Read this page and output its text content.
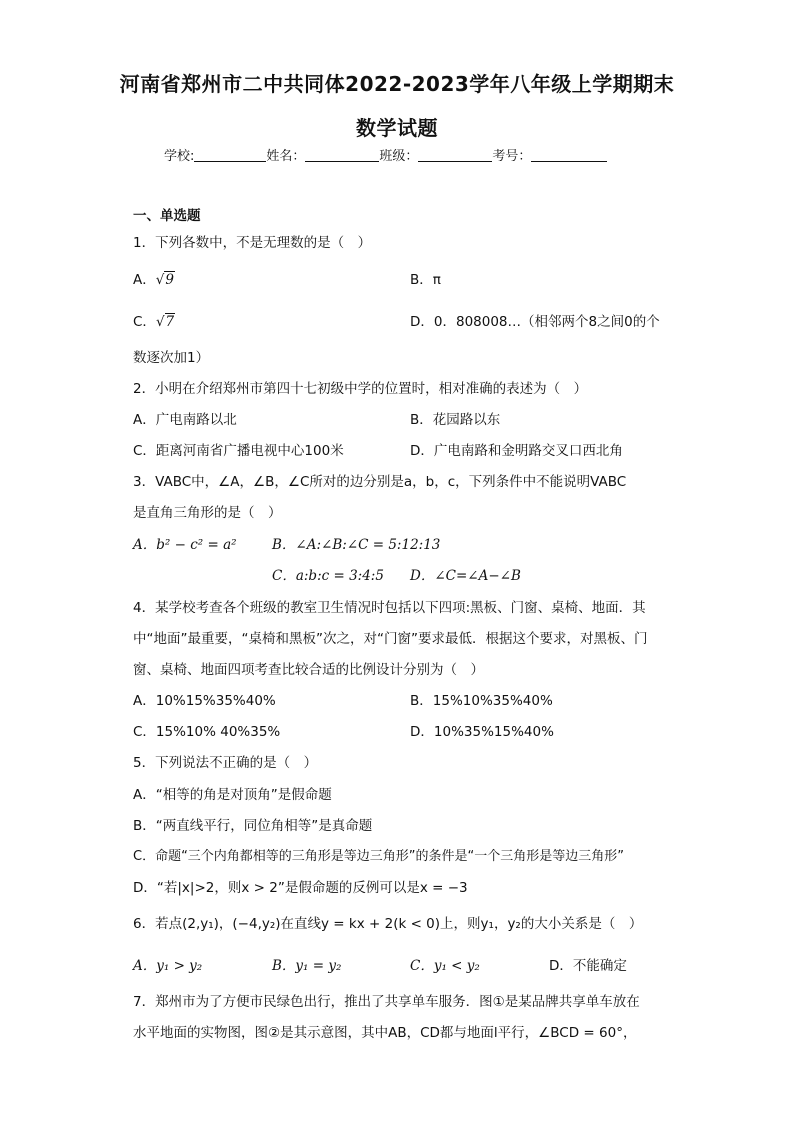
河南省郑州市二中共同体2022-2023学年八年级上学期期末
数学试题
学校:	姓名：	班级：	考号：
一、单选题
1．下列各数中，不是无理数的是（　）
A．√9	B．π
C．√7	D．0．808008…（相邻两个8之间0的个
数逐次加1）
2．小明在介绍郑州市第四十七初级中学的位置时，相对准确的表述为（　）
A．广电南路以北	B．花园路以东
C．距离河南省广播电视中心100米	D．广电南路和金明路交叉口西北角
3．VABC中，∠A，∠B，∠C所对的边分别是a，b，c，下列条件中不能说明VABC
是直角三角形的是（　）
A．b² − c² = a²	B．∠A:∠B:∠C = 5:12:13
C．a:b:c = 3:4:5 D．∠C=∠A−∠B
4．某学校考查各个班级的教室卫生情况时包括以下四项:黑板、门窗、桌椅、地面．其
中“地面”最重要，“桌椅和黑板”次之，对“门窗”要求最低．根据这个要求，对黑板、门
窗、桌椅、地面四项考查比较合适的比例设计分别为（　）
A．10%15%35%40%	B．15%10%35%40%
C．15%10% 40%35%	D．10%35%15%40%
5．下列说法不正确的是（　）
A．“相等的角是对顶角”是假命题
B．“两直线平行，同位角相等”是真命题
C．命题“三个内角都相等的三角形是等边三角形”的条件是“一个三角形是等边三角形”
D．“若|x|>2，则x > 2”是假命题的反例可以是x = −3
6．若点(2,y₁)，(−4,y₂)在直线y = kx + 2(k < 0)上，则y₁，y₂的大小关系是（　）
A．y₁ > y₂	B．y₁ = y₂	C．y₁ < y₂	D．不能确定
7．郑州市为了方便市民绿色出行，推出了共享单车服务．图①是某品牌共享单车放在
水平地面的实物图，图②是其示意图，其中AB，CD都与地面l平行，∠BCD = 60°，
